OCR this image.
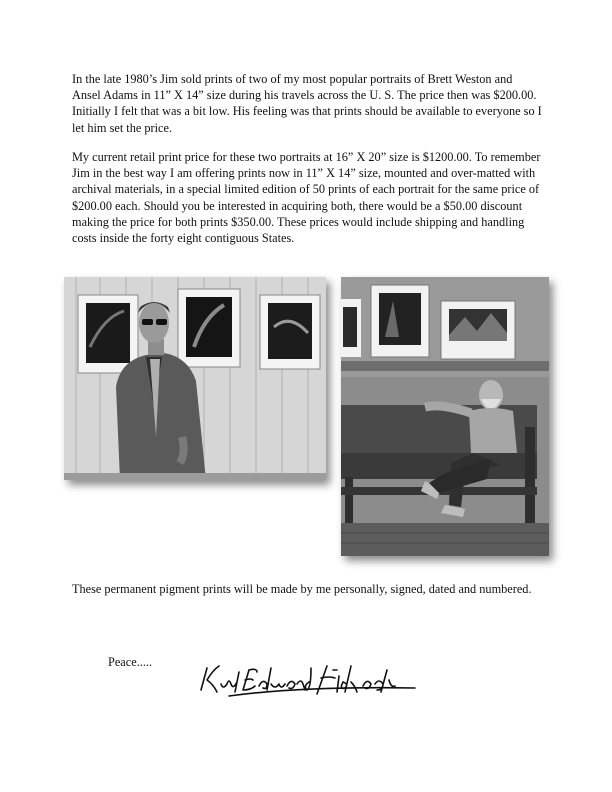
In the late 1980’s Jim sold prints of two of my most popular portraits of Brett Weston and Ansel Adams in 11” X 14” size during his travels across the U. S. The price then was $200.00. Initially I felt that was a bit low. His feeling was that prints should be available to everyone so I let him set the price.

My current retail print price for these two portraits at 16” X 20” size is $1200.00. To remember Jim in the best way I am offering prints now in 11” X 14” size, mounted and over-matted with archival materials, in a special limited edition of 50 prints of each portrait for the same price of $200.00 each. Should you be interested in acquiring both, there would be a $50.00 discount making the price for both prints $350.00. These prices would include shipping and handling costs inside the forty eight contiguous States.

These permanent pigment prints will be made by me personally, signed, dated and numbered.

Peace.....
